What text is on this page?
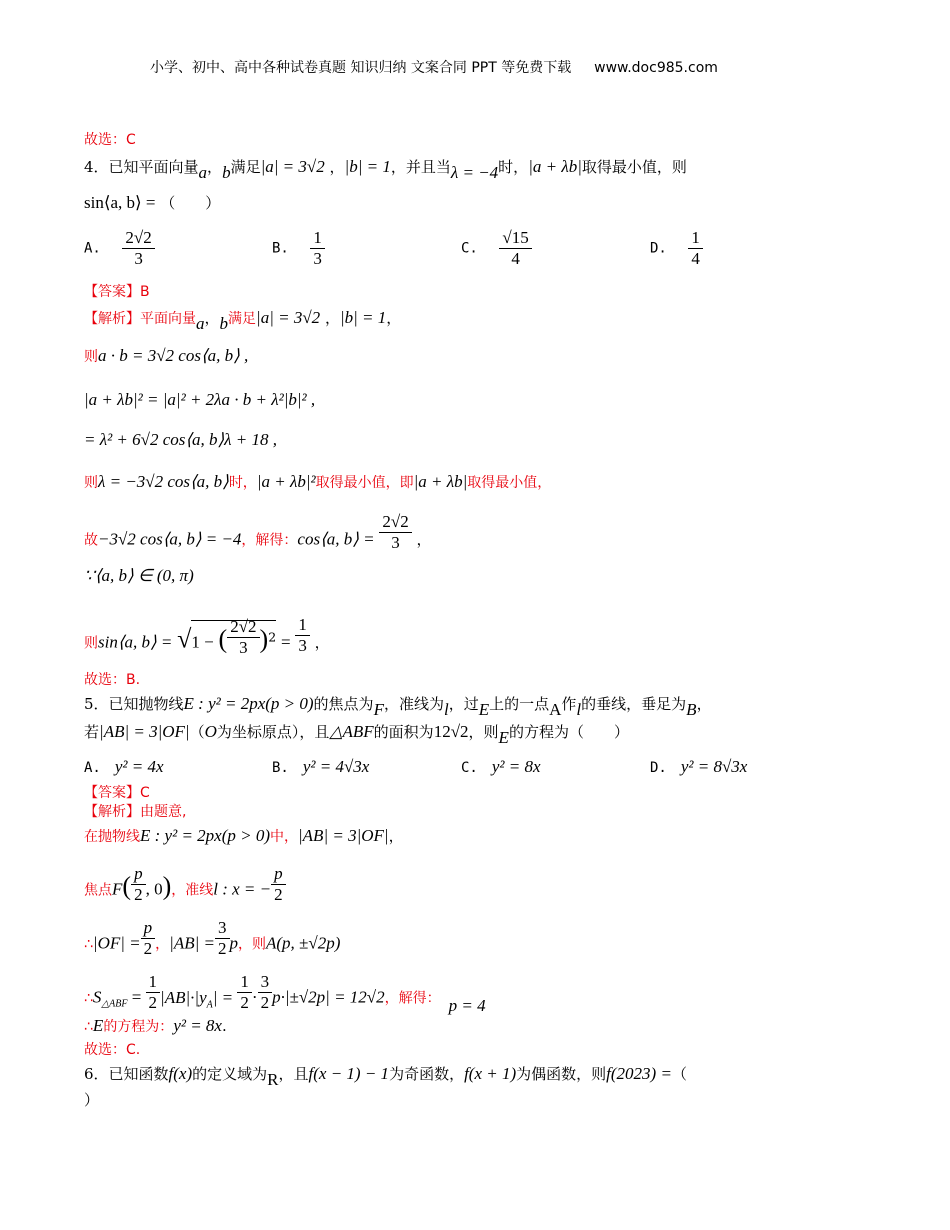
小学、初中、高中各种试卷真题 知识归纳 文案合同 PPT 等免费下载 www.doc985.com
故选：C
4．已知平面向量a，b满足|a| = 3√2 ，|b| = 1，并且当λ = −4时，|a + λb|取得最小值，则
sin⟨a, b⟩ = （　　）
A. $\frac{2√2}{3}$	B. $\frac{1}{3}$	C. $\frac{√15}{4}$	D. $\frac{1}{4}$
【答案】B
【解析】平面向量a，b满足|a| = 3√2 ，|b| = 1，
则a · b = 3√2 cos⟨a, b⟩ ,
|a + λb|² = |a|² + 2λa · b + λ²|b|² ,
= λ² + 6√2 cos⟨a, b⟩λ + 18 ,
则λ = −3√2 cos⟨a, b⟩时，|a + λb|²取得最小值，即|a + λb|取得最小值，
故−3√2 cos⟨a, b⟩ = −4，解得：cos⟨a, b⟩ = $\frac{2√2}{3}$ ，
∵⟨a, b⟩ ∈ (0, π)
则sin⟨a, b⟩ = √1 − ( $\frac{2√2}{3} )^2 = \frac{1}{3}$ ，
故选：B.
5．已知抛物线E : y² = 2px(p > 0)的焦点为F，准线为l，过E上的一点A作l的垂线，垂足为B，
若|AB| = 3|OF|（O为坐标原点），且△ABF的面积为12√2，则E的方程为（　　）
A. y² = 4x	B. y² = 4√3x	C. y² = 8x	D. y² = 8√3x
【答案】C
【解析】由题意,
在抛物线E : y² = 2px(p > 0)中，|AB| = 3|OF|，
焦点$F( \frac{p}{2}$ , 0)，准线l : x = − $\frac{p}{2}$
∴|OF| = $\frac{p}{2}$ ，$|AB| = \frac{3}{2}$ p，则A(p, ±√2p)
$\therefore S_{\triangle ABF} = \frac{1}{2} |AB|\cdot|y_A| = \frac{1}{2} \cdot \frac{3}{2} p\cdot|\pm√2p| = 12√2$，解得： p = 4
∴E的方程为：y² = 8x.
故选：C.
6．已知函数f(x)的定义域为R，且f(x − 1) − 1为奇函数，f(x + 1)为偶函数，则f(2023) =（
）
